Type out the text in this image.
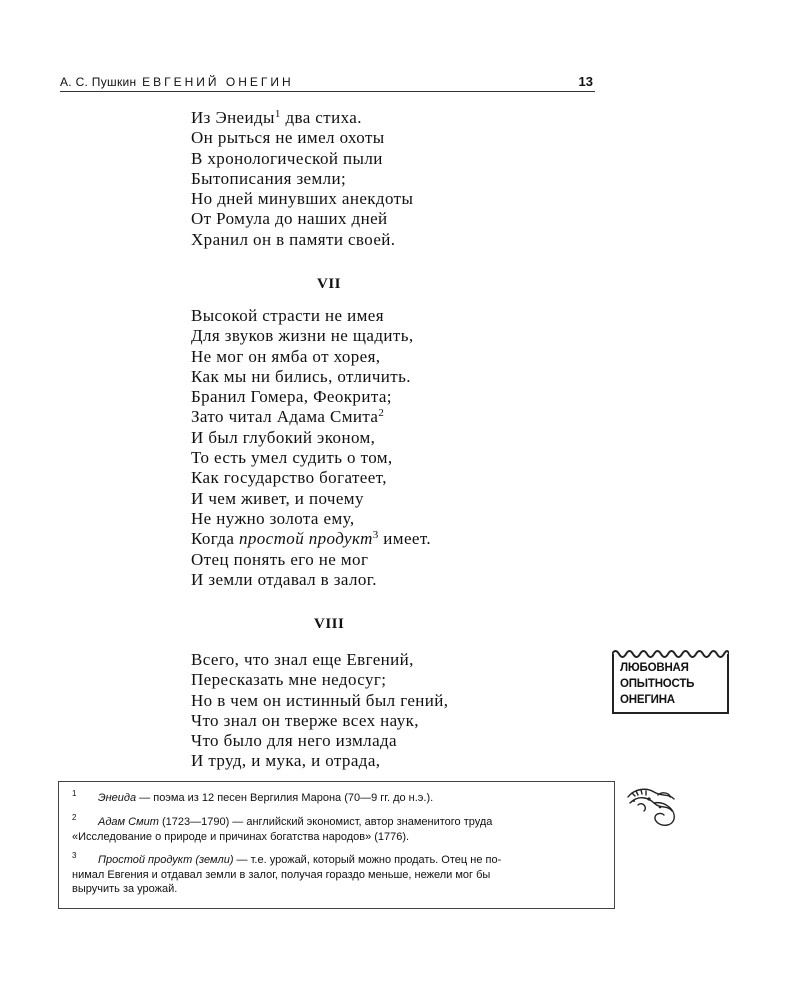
А. С. Пушкин ЕВГЕНИЙ ОНЕГИН	13
Из Энеиды$^1$ два стиха.
Он рыться не имел охоты
В хронологической пыли
Бытописания земли;
Но дней минувших анекдоты
От Ромула до наших дней
Хранил он в памяти своей.
VII
Высокой страсти не имея
Для звуков жизни не щадить,
Не мог он ямба от хорея,
Как мы ни бились, отличить.
Бранил Гомера, Феокрита;
Зато читал Адама Смита$^2$
И был глубокий эконом,
То есть умел судить о том,
Как государство богатеет,
И чем живет, и почему
Не нужно золота ему,
Когда простой продукт$^3$ имеет.
Отец понять его не мог
И земли отдавал в залог.
VIII
Всего, что знал еще Евгений,
Пересказать мне недосуг;
Но в чем он истинный был гений,
Что знал он тверже всех наук,
Что было для него измлада
И труд, и мука, и отрада,
ЛЮБОВНАЯ
ОПЫТНОСТЬ
ОНЕГИНА
1 Энеида — поэма из 12 песен Вергилия Марона (70—9 гг. до н.э.).
2	Адам Смит (1723—1790) — английский экономист, автор знаменитого труда
«Исследование о природе и причинах богатства народов» (1776).
3	Простой продукт (земли) — т.е. урожай, который можно продать. Отец не по-
нимал Евгения и отдавал земли в залог, получая гораздо меньше, нежели мог бы
выручить за урожай.
